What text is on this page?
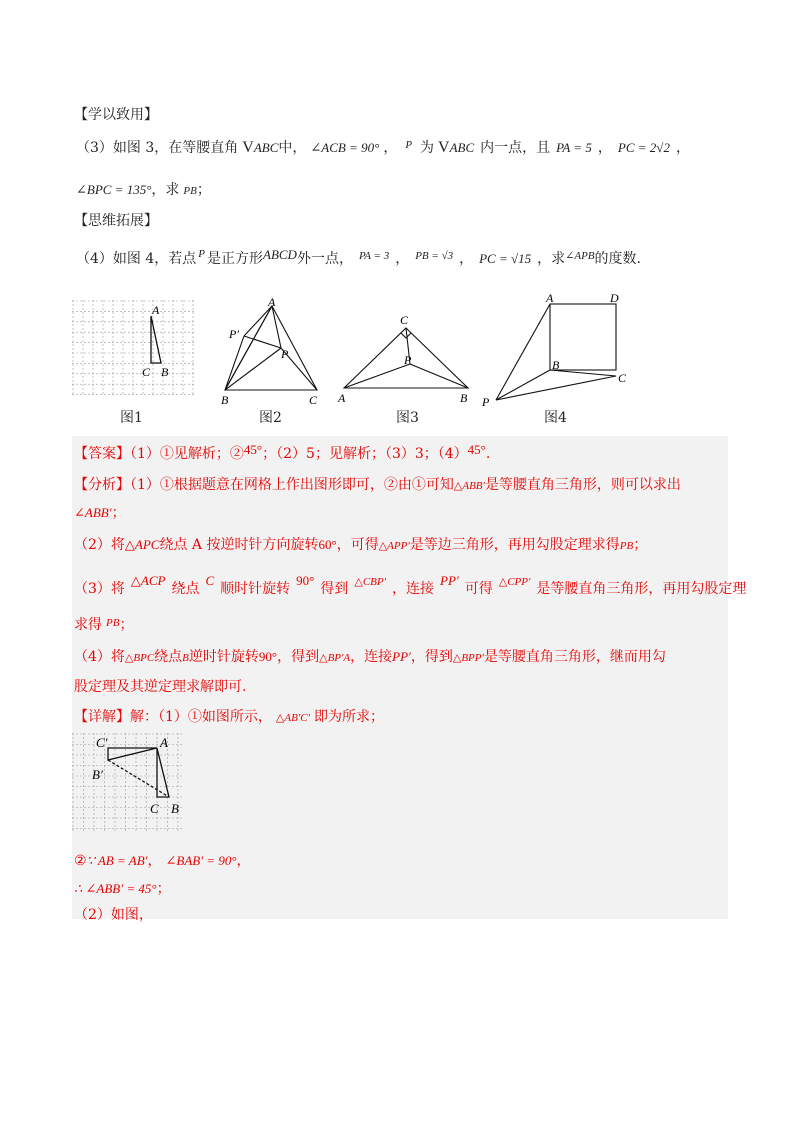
【学以致用】
（3）如图 3，在等腰直角 VABC中， ∠ACB = 90° ， $^P$ 为 VABC 内一点，且 PA = 5 ， PC = 2√2 ，
∠BPC = 135°，求 PB；
【思维拓展】
（4）如图 4，若点 $^P$ 是正方形ABCD外一点， $^{PA = 3}$ ， $^{PB = √3}$ ， PC = √15 ，求$^{\angle APB}$的度数.
A
C B
图1
A
P′
P
B	C
图2
C
P
A	B
图3
A	D
B
C
P
图4
【答案】（1）①见解析；②45°；（2）5；见解析；（3）3；（4）45°.
【分析】（1）①根据题意在网格上作出图形即可，②由①可知△ABB′是等腰直角三角形，则可以求出
∠ABB′；
（2）将△APC绕点 A 按逆时针方向旋转60°，可得△APP′是等边三角形，再用勾股定理求得PB；
（3）将△ACP绕点C顺时针旋转90°得到 $^{\triangle CBP'}$ ，连接PP′可得 $^{\triangle CPP'}$ 是等腰直角三角形，再用勾股定理
求得 $^{PB}$；
（4）将△BPC绕点B逆时针旋转90°，得到△BP′A，连接PP′，得到△BPP′是等腰直角三角形，继而用勾
股定理及其逆定理求解即可.
【详解】解：（1）①如图所示， △AB′C′ 即为所求；
A
C′
B′
C B
②∵ AB = AB′， ∠BAB′ = 90°，
∴ ∠ABB′ = 45°；
（2）如图，
